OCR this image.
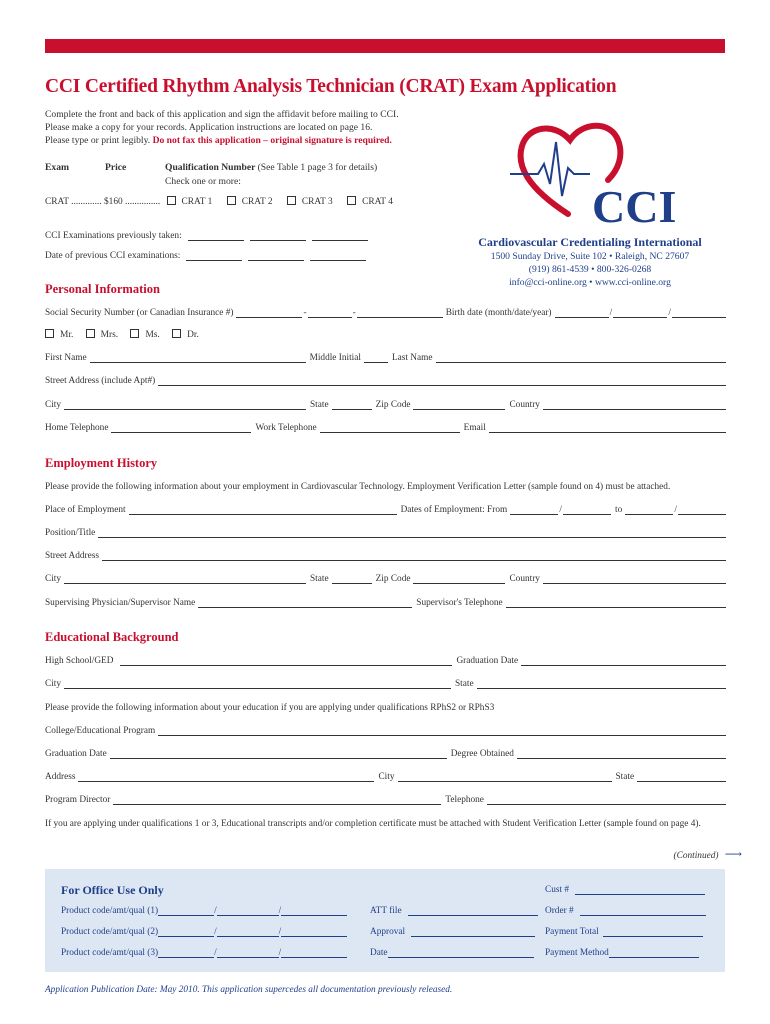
CCI Certified Rhythm Analysis Technician (CRAT) Exam Application
Complete the front and back of this application and sign the affidavit before mailing to CCI.
Please make a copy for your records. Application instructions are located on page 16.
Please type or print legibly. Do not fax this application – original signature is required.
Exam	Price	Qualification Number (See Table 1 page 3 for details)
Check one or more:
CRAT ............. $160 ............... CRAT 1	CRAT 2	CRAT 3	CRAT 4
CCI Examinations previously taken:
Date of previous CCI examinations:
CCI
Cardiovascular Credentialing International
1500 Sunday Drive, Suite 102 • Raleigh, NC 27607
(919) 861-4539 • 800-326-0268
info@cci-online.org • www.cci-online.org
Personal Information
Social Security Number (or Canadian Insurance #)	-	-	Birth date (month/date/year)	/	/
Mr.	Mrs.	Ms.	Dr.
First Name	Middle Initial	Last Name
Street Address (include Apt#)
City	State	Zip Code	Country
Home Telephone	Work Telephone	Email
Employment History
Please provide the following information about your employment in Cardiovascular Technology. Employment Verification Letter (sample found on 4) must be attached.
Place of Employment	Dates of Employment: From	/	to	/
Position/Title
Street Address
City	State	Zip Code	Country
Supervising Physician/Supervisor Name	Supervisor's Telephone
Educational Background
High School/GED	Graduation Date
City	State
Please provide the following information about your education if you are applying under qualifications RPhS2 or RPhS3
College/Educational Program
Graduation Date	Degree Obtained
Address	City	State
Program Director	Telephone
If you are applying under qualifications 1 or 3, Educational transcripts and/or completion certificate must be attached with Student Verification Letter (sample found on page 4).
(Continued) ⟶
For Office Use Only	Cust #
Product code/amt/qual (1)	/	/	ATT file	Order #
Product code/amt/qual (2)	/	/	Approval	Payment Total
Product code/amt/qual (3)	/	/	Date	Payment Method
Application Publication Date: May 2010. This application supercedes all documentation previously released.
